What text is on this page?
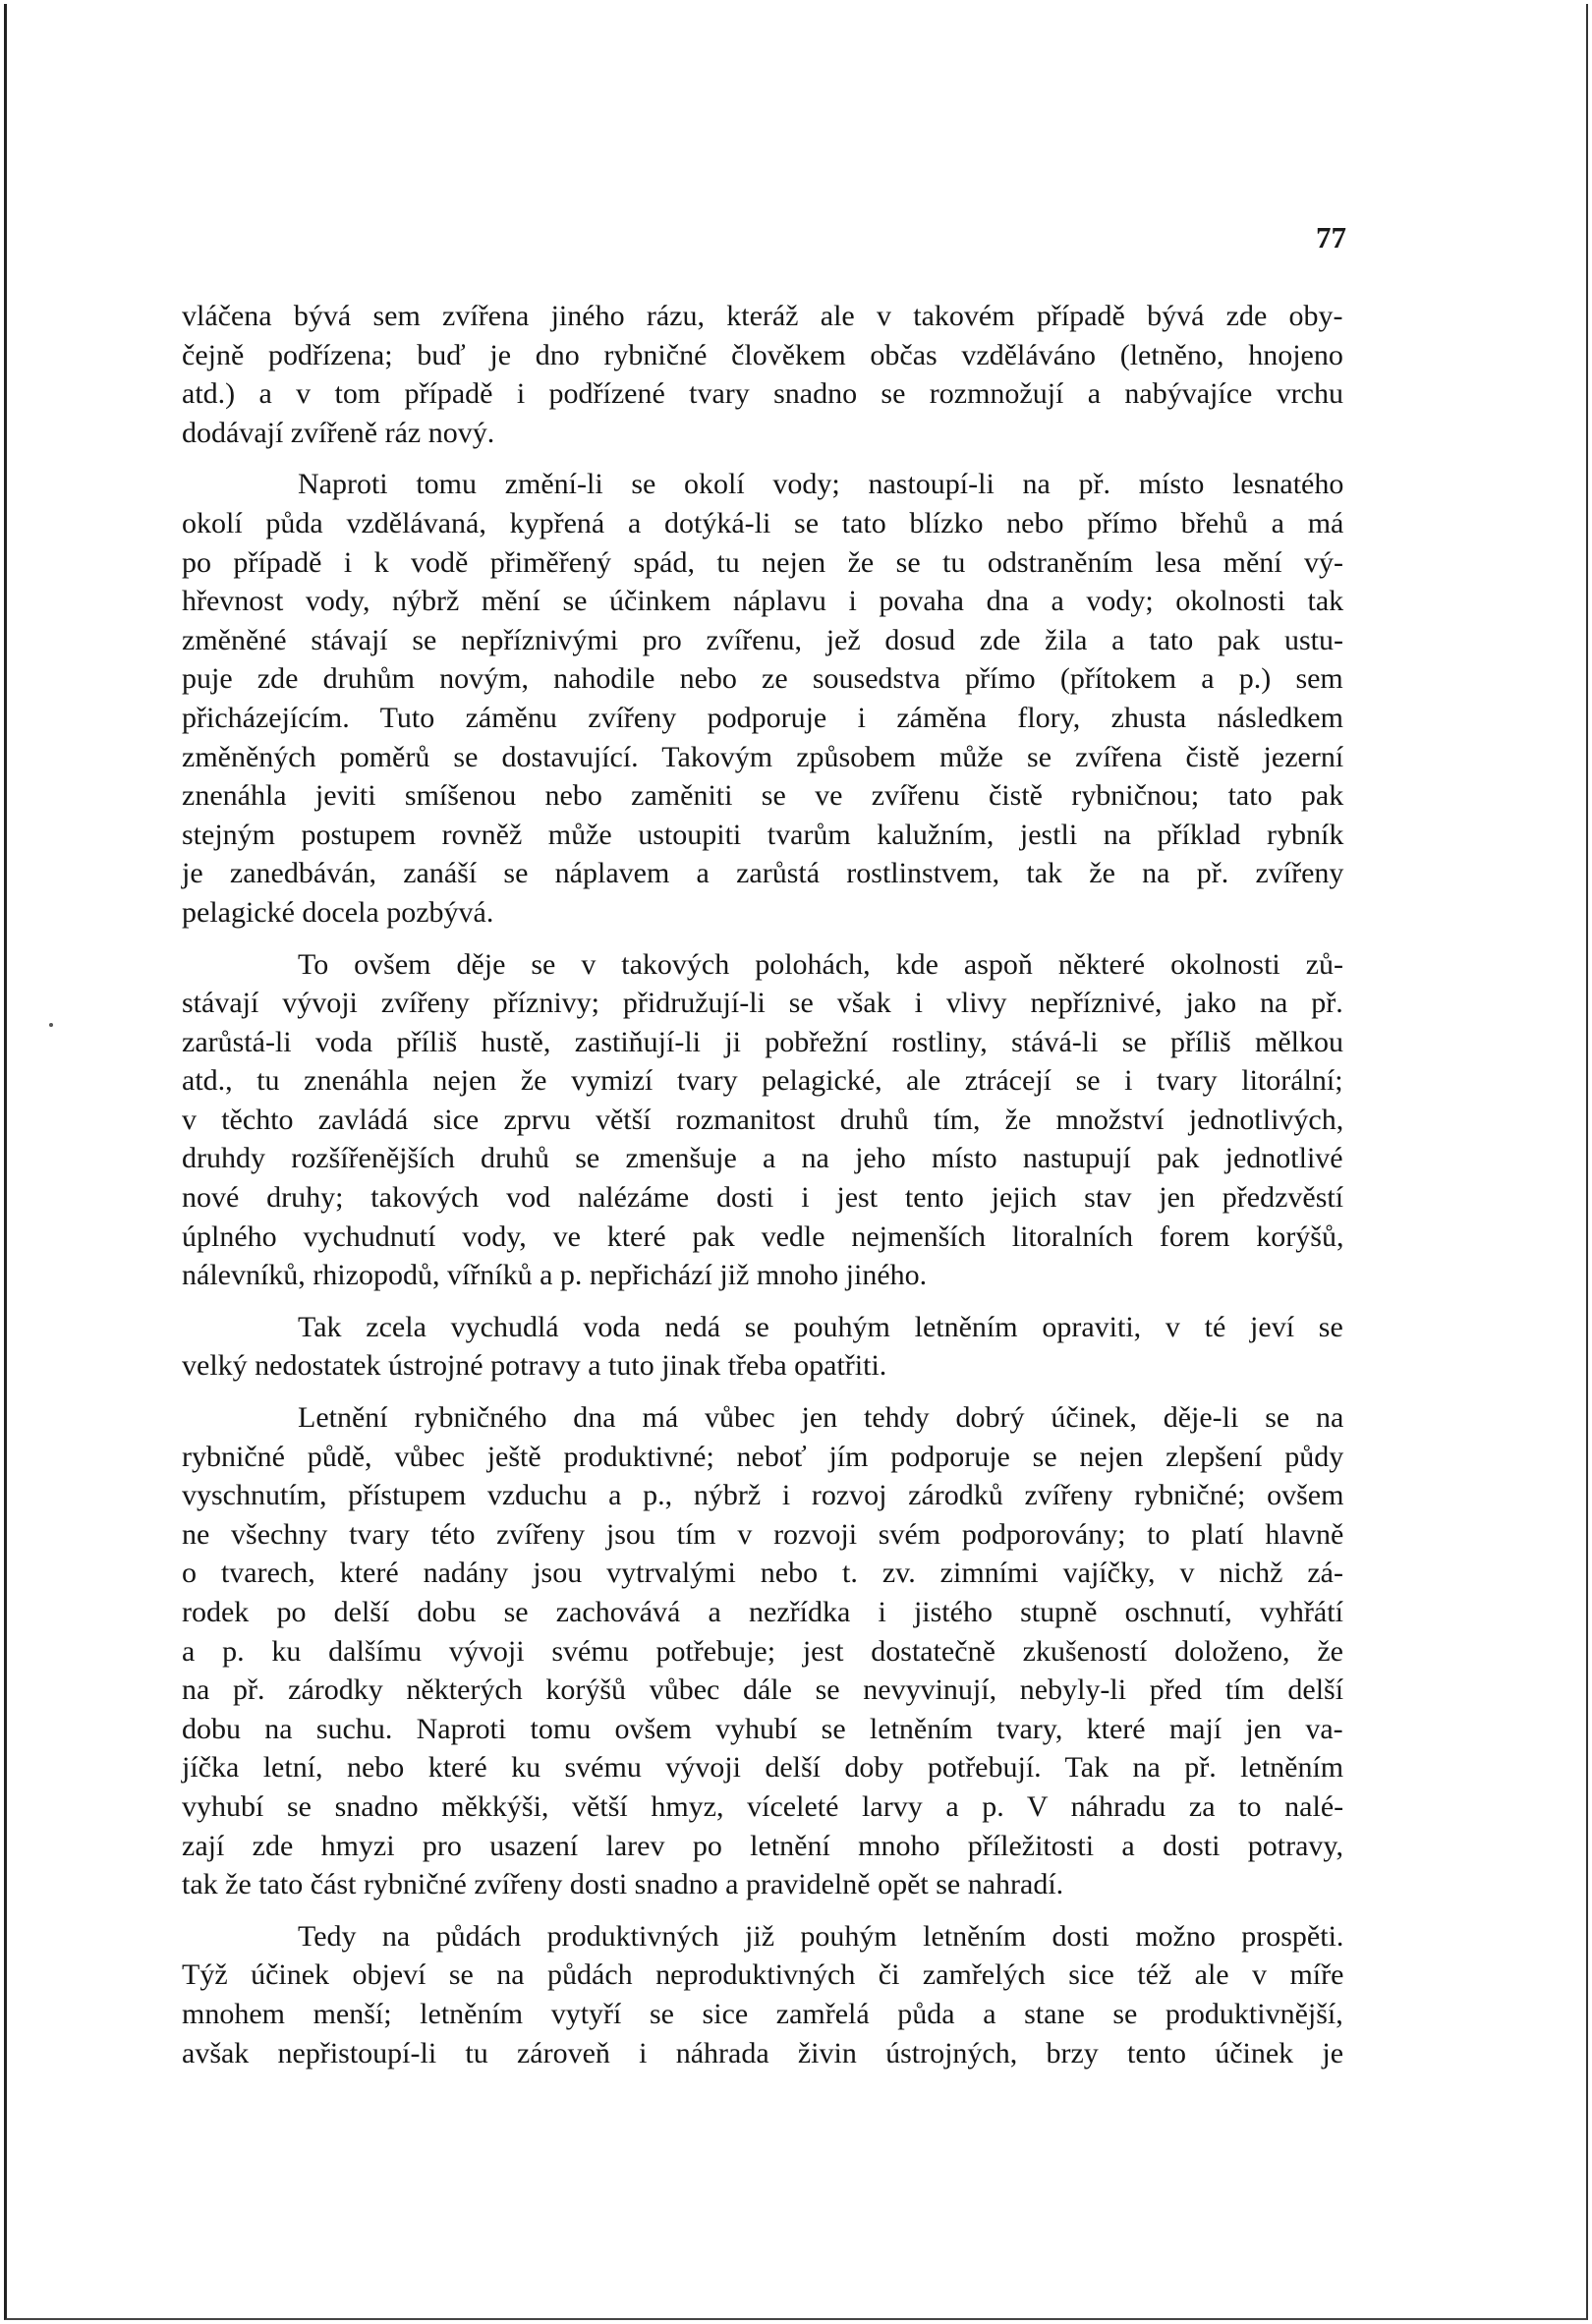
77
vláčena bývá sem zvířena jiného rázu, kteráž ale v takovém případě bývá zde oby-
čejně podřízena; buď je dno rybničné člověkem občas vzděláváno (letněno, hnojeno
atd.) a v tom případě i podřízené tvary snadno se rozmnožují a nabývajíce vrchu
dodávají zvířeně ráz nový.
Naproti tomu změní-li se okolí vody; nastoupí-li na př. místo lesnatého
okolí půda vzdělávaná, kypřená a dotýká-li se tato blízko nebo přímo břehů a má
po případě i k vodě přiměřený spád, tu nejen že se tu odstraněním lesa mění vý-
hřevnost vody, nýbrž mění se účinkem náplavu i povaha dna a vody; okolnosti tak
změněné stávají se nepříznivými pro zvířenu, jež dosud zde žila a tato pak ustu-
puje zde druhům novým, nahodile nebo ze sousedstva přímo (přítokem a p.) sem
přicházejícím. Tuto záměnu zvířeny podporuje i záměna flory, zhusta následkem
změněných poměrů se dostavující. Takovým způsobem může se zvířena čistě jezerní
znenáhla jeviti smíšenou nebo zaměniti se ve zvířenu čistě rybničnou; tato pak
stejným postupem rovněž může ustoupiti tvarům kalužním, jestli na příklad rybník
je zanedbáván, zanáší se náplavem a zarůstá rostlinstvem, tak že na př. zvířeny
pelagické docela pozbývá.
To ovšem děje se v takových polohách, kde aspoň některé okolnosti zů-
stávají vývoji zvířeny příznivy; přidružují-li se však i vlivy nepříznivé, jako na př.
zarůstá-li voda příliš hustě, zastiňují-li ji pobřežní rostliny, stává-li se příliš mělkou
atd., tu znenáhla nejen že vymizí tvary pelagické, ale ztrácejí se i tvary litorální;
v těchto zavládá sice zprvu větší rozmanitost druhů tím, že množství jednotlivých,
druhdy rozšířenějších druhů se zmenšuje a na jeho místo nastupují pak jednotlivé
nové druhy; takových vod nalézáme dosti i jest tento jejich stav jen předzvěstí
úplného vychudnutí vody, ve které pak vedle nejmenších litoralních forem korýšů,
nálevníků, rhizopodů, vířníků a p. nepřichází již mnoho jiného.
Tak zcela vychudlá voda nedá se pouhým letněním opraviti, v té jeví se
velký nedostatek ústrojné potravy a tuto jinak třeba opatřiti.
Letnění rybničného dna má vůbec jen tehdy dobrý účinek, děje-li se na
rybničné půdě, vůbec ještě produktivné; neboť jím podporuje se nejen zlepšení půdy
vyschnutím, přístupem vzduchu a p., nýbrž i rozvoj zárodků zvířeny rybničné; ovšem
ne všechny tvary této zvířeny jsou tím v rozvoji svém podporovány; to platí hlavně
o tvarech, které nadány jsou vytrvalými nebo t. zv. zimními vajíčky, v nichž zá-
rodek po delší dobu se zachovává a nezřídka i jistého stupně oschnutí, vyhřátí
a p. ku dalšímu vývoji svému potřebuje; jest dostatečně zkušeností doloženo, že
na př. zárodky některých korýšů vůbec dále se nevyvinují, nebyly-li před tím delší
dobu na suchu. Naproti tomu ovšem vyhubí se letněním tvary, které mají jen va-
jíčka letní, nebo které ku svému vývoji delší doby potřebují. Tak na př. letněním
vyhubí se snadno měkkýši, větší hmyz, víceleté larvy a p. V náhradu za to nalé-
zají zde hmyzi pro usazení larev po letnění mnoho příležitosti a dosti potravy,
tak že tato část rybničné zvířeny dosti snadno a pravidelně opět se nahradí.
Tedy na půdách produktivných již pouhým letněním dosti možno prospěti.
Týž účinek objeví se na půdách neproduktivných či zamřelých sice též ale v míře
mnohem menší; letněním vytyří se sice zamřelá půda a stane se produktivnější,
avšak nepřistoupí-li tu zároveň i náhrada živin ústrojných, brzy tento účinek je
